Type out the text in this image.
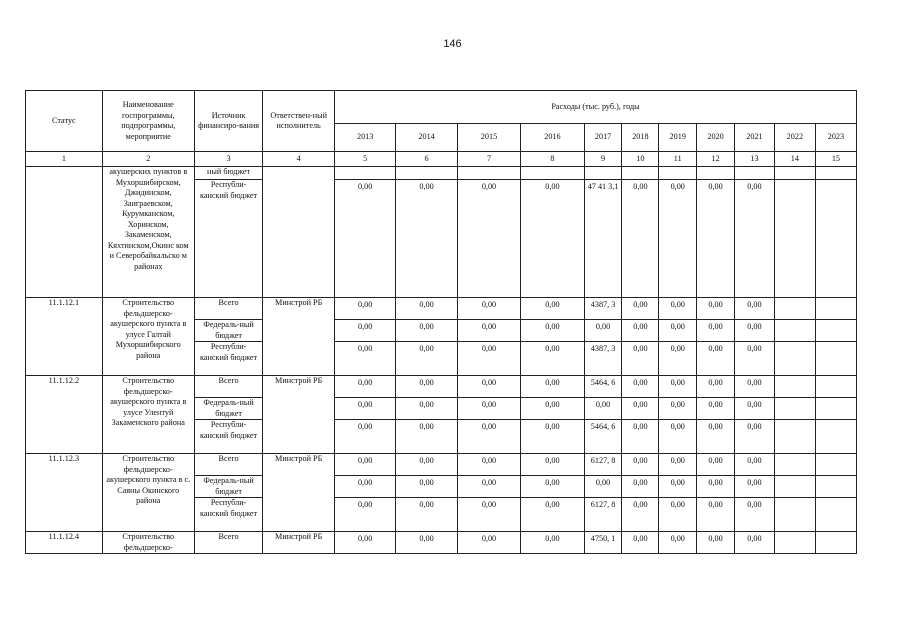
146
Статус	Наименование госпрограммы, подпрограммы, мероприятие	Источник финансиро-вания	Ответствен-ный исполнитель	Расходы (тыс. руб.), годы										
				2013	2014	2015	2016	2017	2018	2019	2020	2021	2022	2023
1	2	3	4	5	6	7	8	9	10	11	12	13	14	15
	акушерских пунктов в Мухоршибирском, Джидинском, Заиграевском, Курумканском, Хоринском, Закаменском, Кяхтинском,Окинс ком и Северобайкальско м районах	ный бюджет												
		Республи-канский бюджет		0,00	0,00	0,00	0,00	47 41 3,1	0,00	0,00	0,00	0,00		
11.1.12.1	Строительство фельдшерско-акушерского пункта в улусе Галтай Мухоршибирского района	Всего	Минстрой РБ	0,00	0,00	0,00	0,00	4387, 3	0,00	0,00	0,00	0,00		
		Федераль-ный бюджет		0,00	0,00	0,00	0,00	0,00	0,00	0,00	0,00	0,00		
		Республи-канский бюджет		0,00	0,00	0,00	0,00	4387, 3	0,00	0,00	0,00	0,00		
11.1.12.2	Строительство фельдшерско-акушерского пункта в улусе Улентуй Закаменского района	Всего	Минстрой РБ	0,00	0,00	0,00	0,00	5464, 6	0,00	0,00	0,00	0,00		
		Федераль-ный бюджет		0,00	0,00	0,00	0,00	0,00	0,00	0,00	0,00	0,00		
		Республи-канский бюджет		0,00	0,00	0,00	0,00	5464, 6	0,00	0,00	0,00	0,00		
11.1.12.3	Строительство фельдшерско-акушерского пункта в с. Саяны Окинского района	Всего	Минстрой РБ	0,00	0,00	0,00	0,00	6127, 8	0,00	0,00	0,00	0,00		
		Федераль-ный бюджет		0,00	0,00	0,00	0,00	0,00	0,00	0,00	0,00	0,00		
		Республи-канский бюджет		0,00	0,00	0,00	0,00	6127, 8	0,00	0,00	0,00	0,00		
11.1.12.4	Строительство фельдшерско-	Всего	Минстрой РБ	0,00	0,00	0,00	0,00	4750, 1	0,00	0,00	0,00	0,00		
